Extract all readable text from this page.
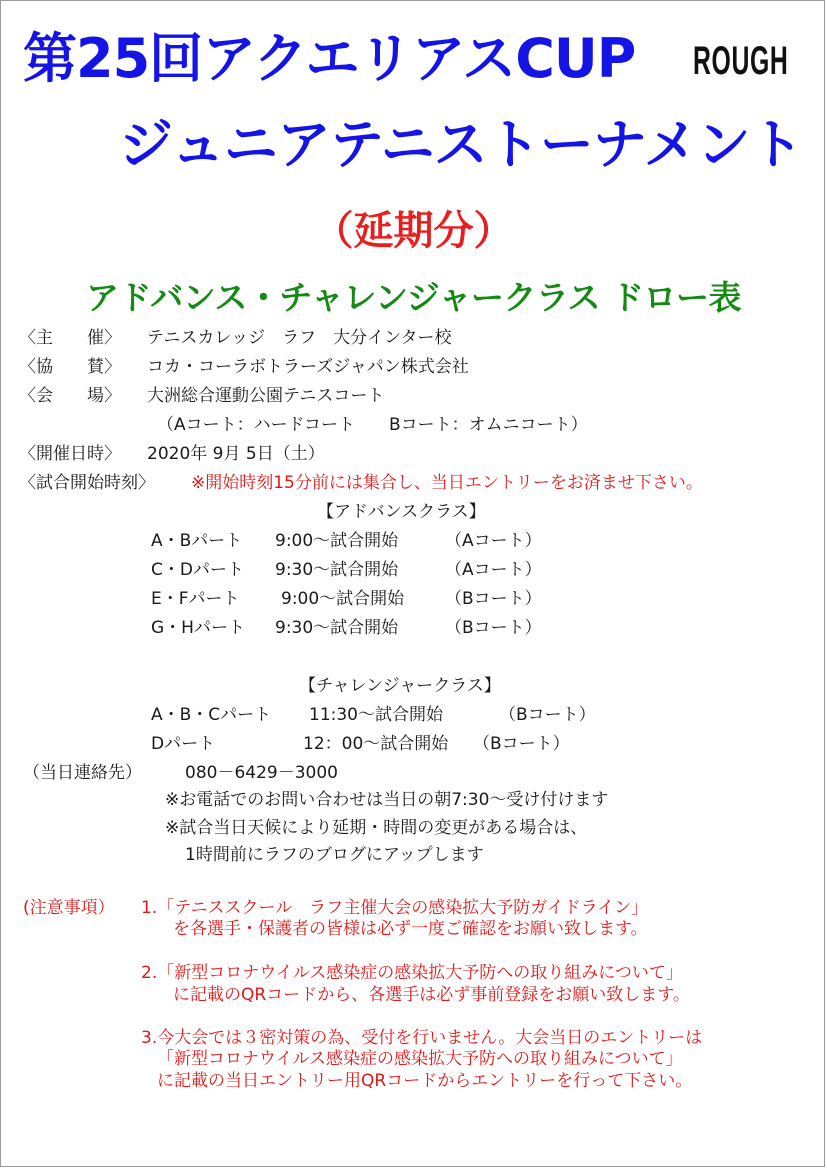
第25回アクエリアスCUP ROUGH
ジュニアテニストーナメント
（延期分）
アドバンス・チャレンジャークラス ドロー表
〈主　　催〉 テニスカレッジ　ラフ　大分インター校
〈協　　賛〉 コカ・コーラボトラーズジャパン株式会社
〈会　　場〉 大洲総合運動公園テニスコート
（Aコート：ハードコート　　Bコート：オムニコート）
〈開催日時〉 2020年 9月 5日（土）
〈試合開始時刻〉 ※開始時刻15分前には集合し、当日エントリーをお済ませ下さい。
【アドバンスクラス】
A・Bパート 9:00～試合開始	（Aコート）
C・Dパート 9:30～試合開始	（Aコート）
E・Fパート 9:00～試合開始 （Bコート）
G・Hパート 9:30～試合開始	（Bコート）
【チャレンジャークラス】
A・B・Cパート 11:30～試合開始	（Bコート）
Dパート	12：00～試合開始 （Bコート）
（当日連絡先）	080－6429－3000
※お電話でのお問い合わせは当日の朝7:30～受け付けます
※試合当日天候により延期・時間の変更がある場合は、
1時間前にラフのブログにアップします
(注意事項） 1.「テニススクール　ラフ主催大会の感染拡大予防ガイドライン」
を各選手・保護者の皆様は必ず一度ご確認をお願い致します。
2.「新型コロナウイルス感染症の感染拡大予防への取り組みについて」
に記載のQRコードから、各選手は必ず事前登録をお願い致します。
3.今大会では３密対策の為、受付を行いません。大会当日のエントリーは
「新型コロナウイルス感染症の感染拡大予防への取り組みについて」
に記載の当日エントリー用QRコードからエントリーを行って下さい。
